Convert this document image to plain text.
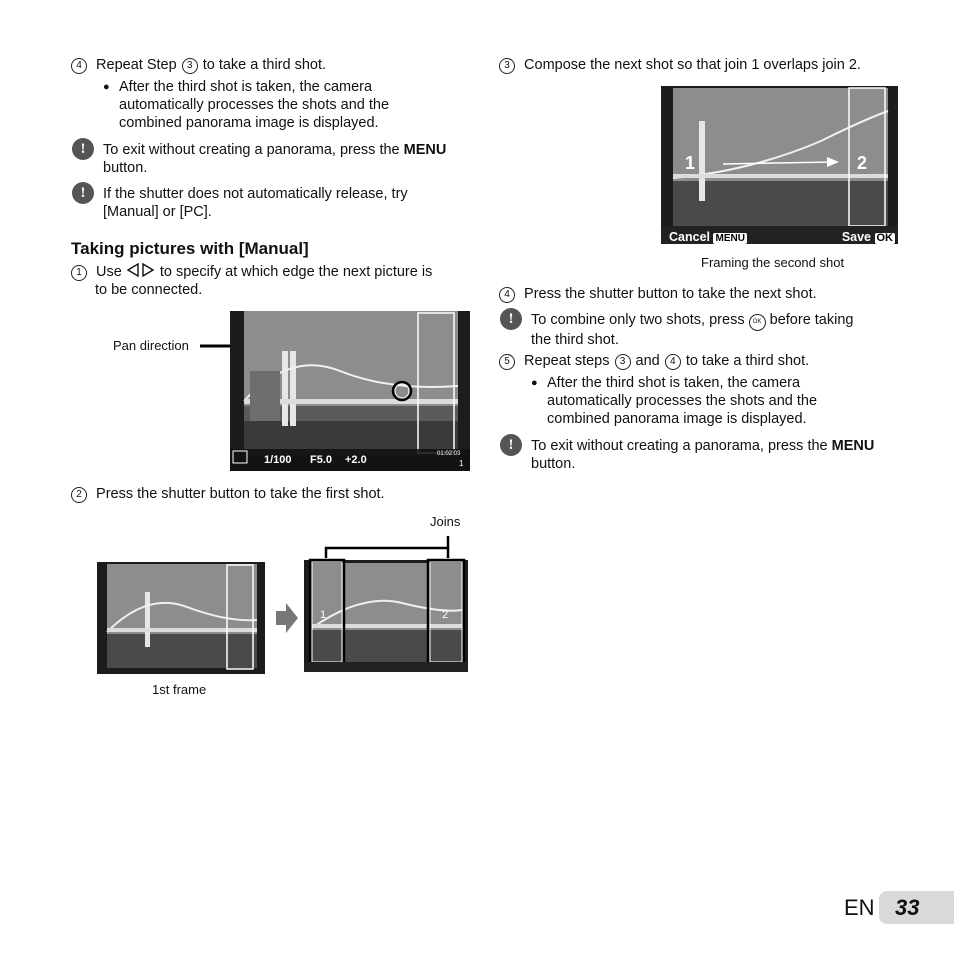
4 Repeat Step 3 to take a third shot.
● After the third shot is taken, the camera
automatically processes the shots and the
combined panorama image is displayed.
!	To exit without creating a panorama, press the MENU
button.
!	If the shutter does not automatically release, try
[Manual] or [PC].
Taking pictures with [Manual]
1 Use	to specify at which edge the next picture is
to be connected.
Pan direction
1/100 F5.0 +2.0	01:02:03
1
2 Press the shutter button to take the first shot.
Joins
1	2
1st frame
3 Compose the next shot so that join 1 overlaps join 2.
1	2
Cancel MENU	Save OK
Framing the second shot
4 Press the shutter button to take the next shot.
!	To combine only two shots, press OK before taking
the third shot.
5 Repeat steps 3 and 4 to take a third shot.
● After the third shot is taken, the camera
automatically processes the shots and the
combined panorama image is displayed.
!	To exit without creating a panorama, press the MENU
button.
EN 33
